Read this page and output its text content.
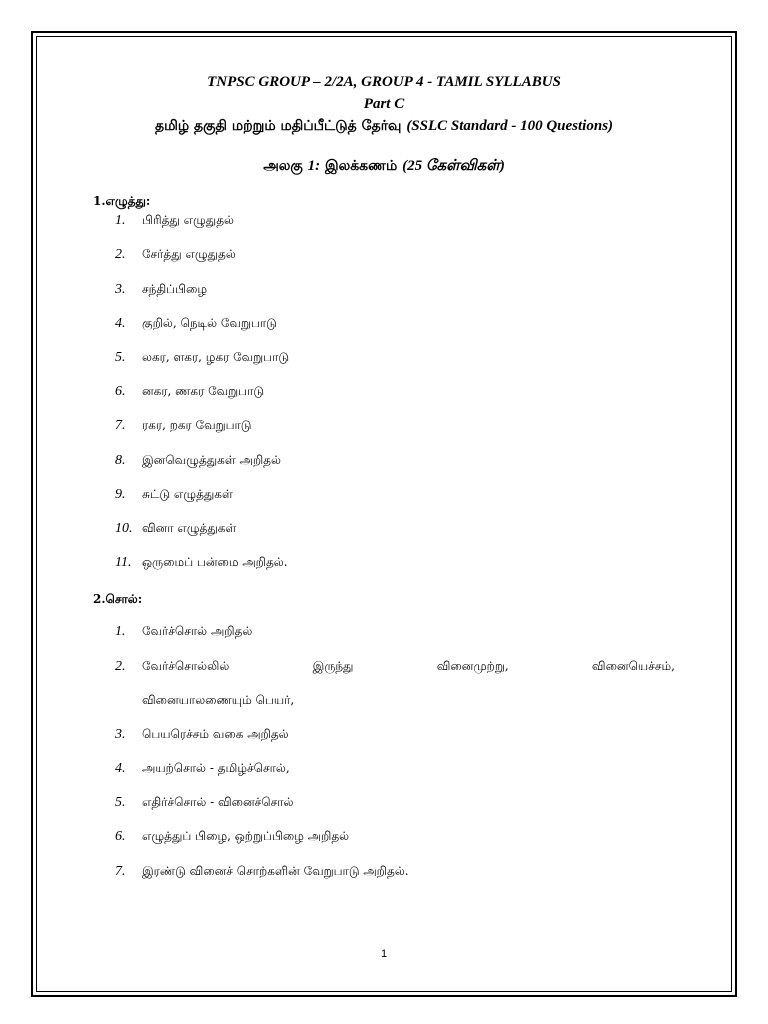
TNPSC GROUP – 2/2A, GROUP 4 - TAMIL SYLLABUS
Part C
தமிழ் தகுதி மற்றும் மதிப்பீட்டுத் தேர்வு (SSLC Standard - 100 Questions)
அலகு 1: இலக்கணம் (25 கேள்விகள்)
1.எழுத்து:
1. பிரித்து எழுதுதல்
2. சேர்த்து எழுதுதல்
3. சந்திப்பிழை
4. குறில், நெடில் வேறுபாடு
5. லகர, ளகர, ழகர வேறுபாடு
6. னகர, ணகர வேறுபாடு
7. ரகர, றகர வேறுபாடு
8. இனவெழுத்துகள் அறிதல்
9. சுட்டு எழுத்துகள்
10. வினா எழுத்துகள்
11. ஒருமைப் பன்மை அறிதல்.
2.சொல்:
1. வேர்ச்சொல் அறிதல்
2. வேர்ச்சொல்லில்	இருந்து	வினைமுற்று,	வினையெச்சம்,
வினையாலணையும் பெயர்,
3. பெயரெச்சம் வகை அறிதல்
4. அயற்சொல் - தமிழ்ச்சொல்,
5. எதிர்ச்சொல் - வினைச்சொல்
6. எழுத்துப் பிழை, ஒற்றுப்பிழை அறிதல்
7. இரண்டு வினைச் சொற்களின் வேறுபாடு அறிதல்.
1
